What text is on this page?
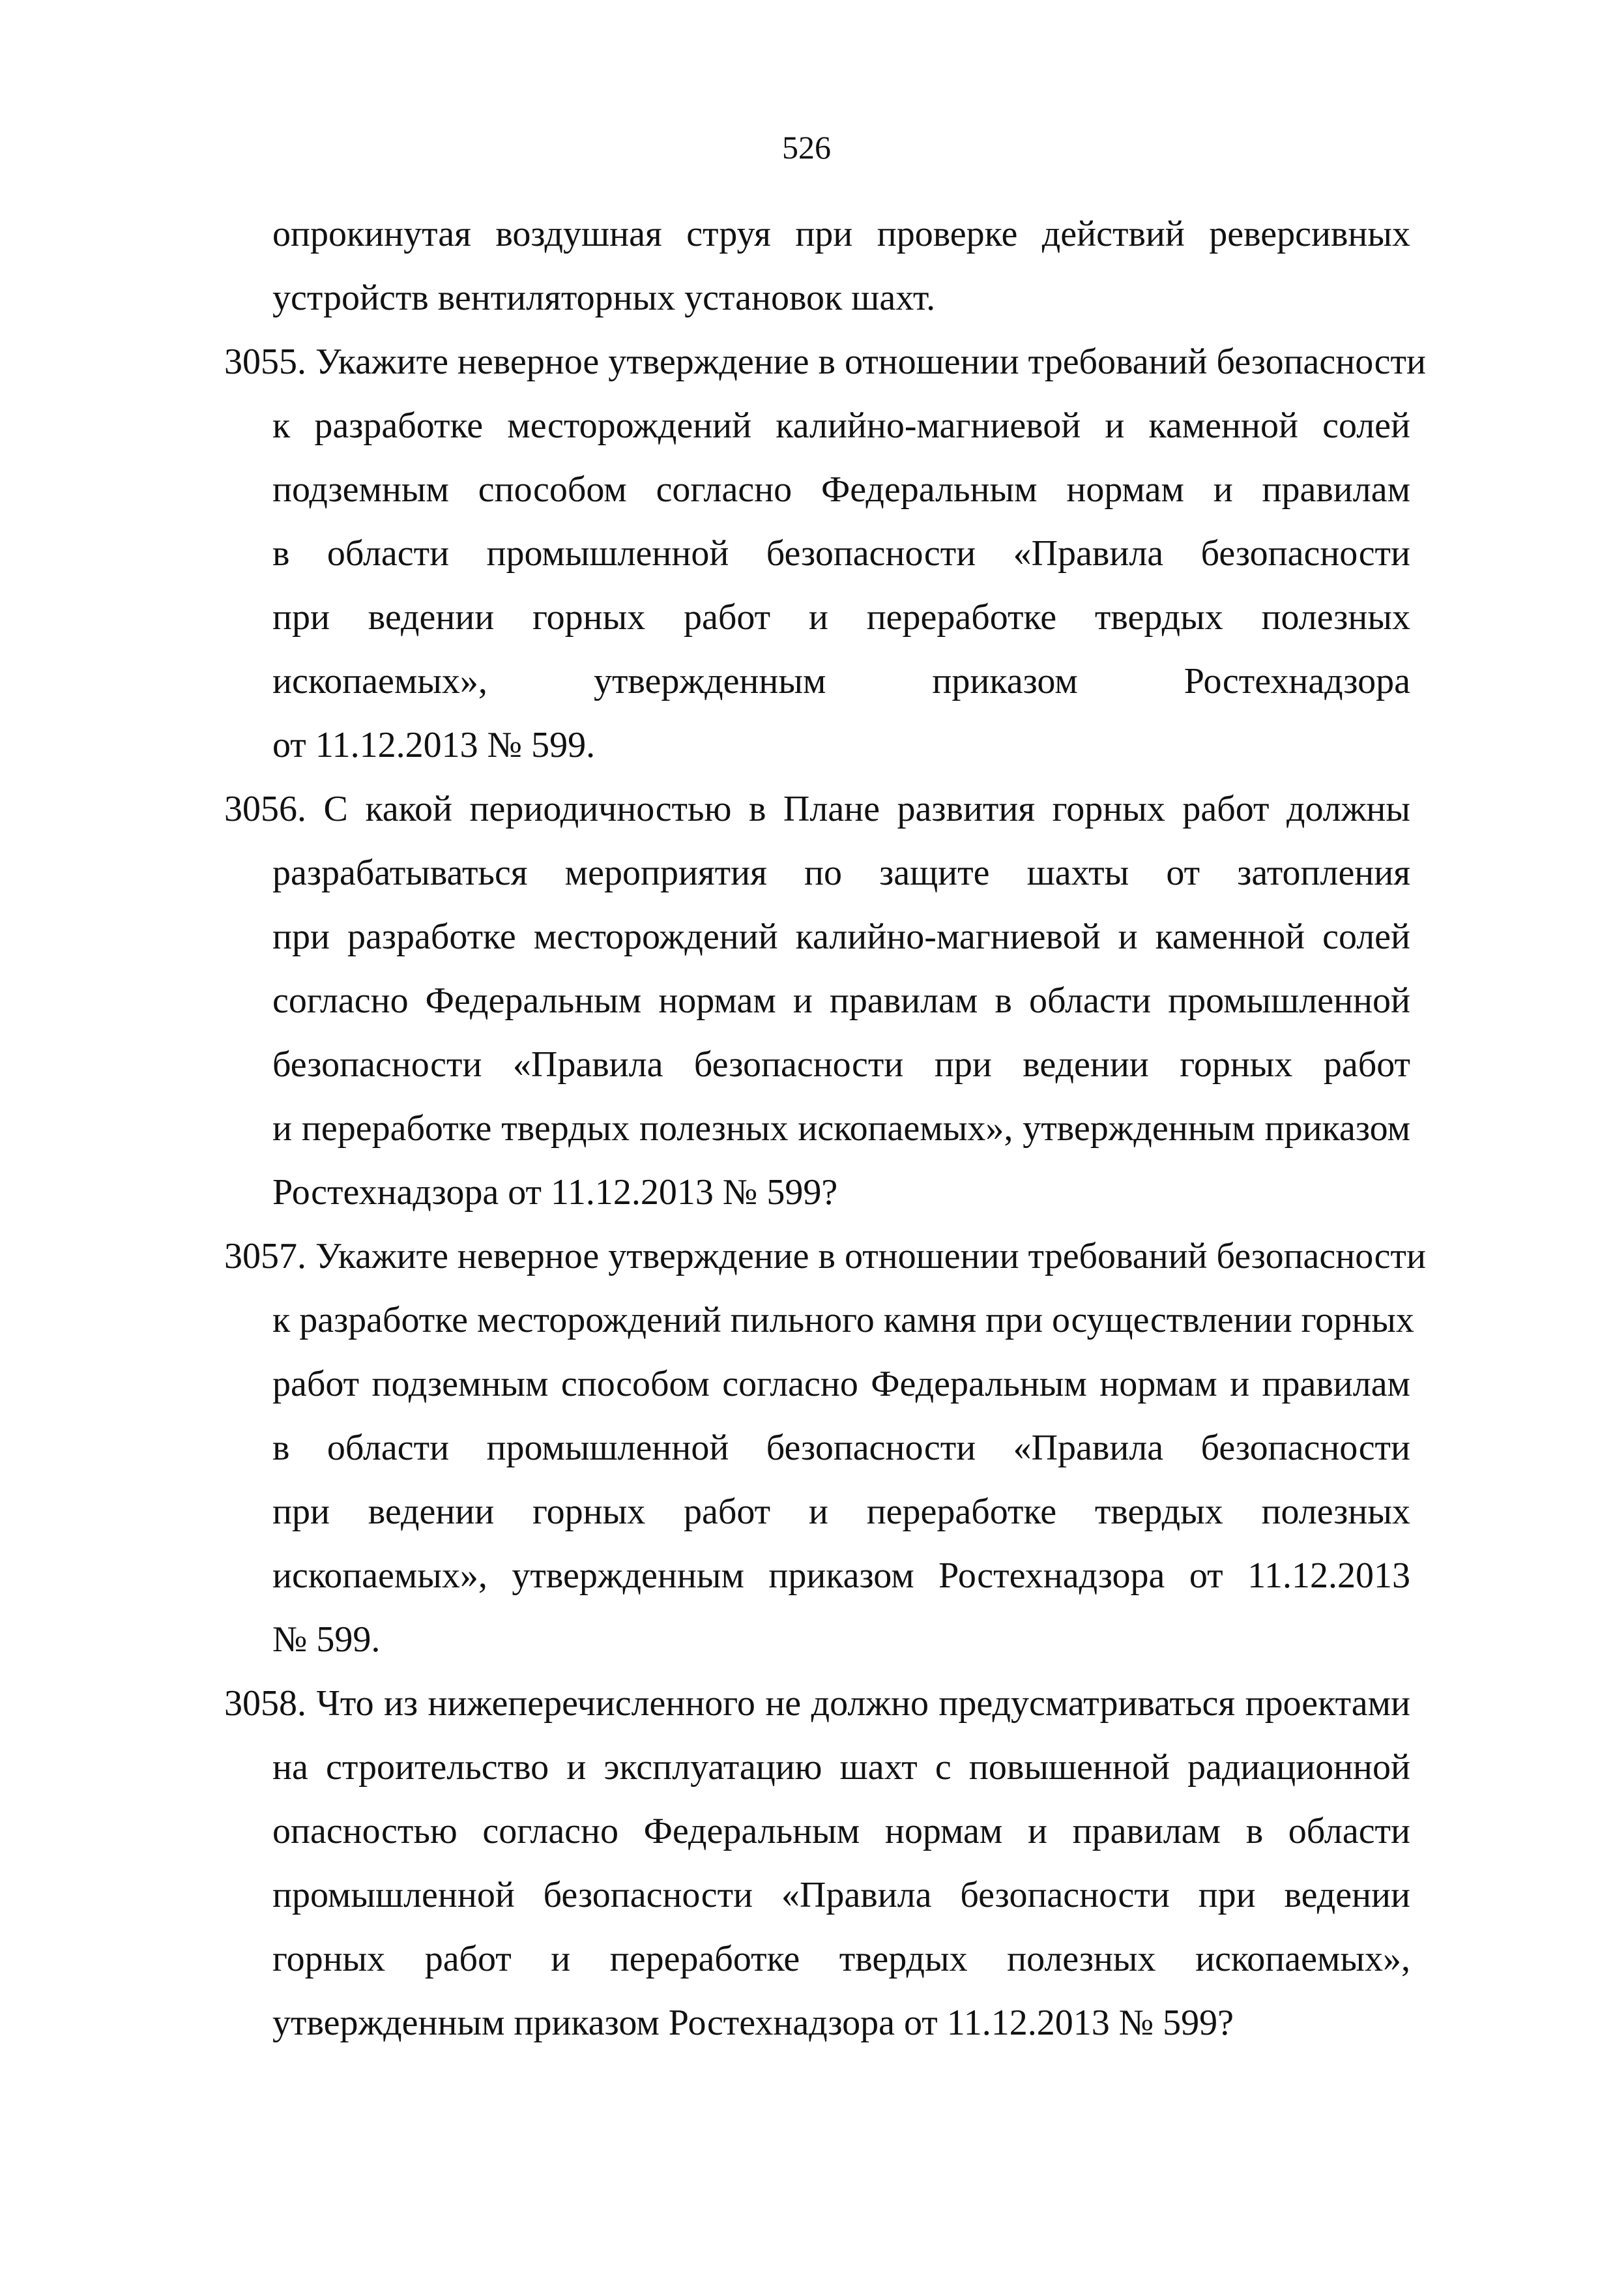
526
опрокинутая воздушная струя при проверке действий реверсивных
устройств вентиляторных установок шахт.
3055. Укажите неверное утверждение в отношении требований безопасности
к разработке месторождений калийно-магниевой и каменной солей
подземным способом согласно Федеральным нормам и правилам
в области промышленной безопасности «Правила безопасности
при ведении горных работ и переработке твердых полезных
ископаемых», утвержденным приказом Ростехнадзора
от 11.12.2013 № 599.
3056. С какой периодичностью в Плане развития горных работ должны
разрабатываться мероприятия по защите шахты от затопления
при разработке месторождений калийно-магниевой и каменной солей
согласно Федеральным нормам и правилам в области промышленной
безопасности «Правила безопасности при ведении горных работ
и переработке твердых полезных ископаемых», утвержденным приказом
Ростехнадзора от 11.12.2013 № 599?
3057. Укажите неверное утверждение в отношении требований безопасности
к разработке месторождений пильного камня при осуществлении горных
работ подземным способом согласно Федеральным нормам и правилам
в области промышленной безопасности «Правила безопасности
при ведении горных работ и переработке твердых полезных
ископаемых», утвержденным приказом Ростехнадзора от 11.12.2013
№ 599.
3058. Что из нижеперечисленного не должно предусматриваться проектами
на строительство и эксплуатацию шахт с повышенной радиационной
опасностью согласно Федеральным нормам и правилам в области
промышленной безопасности «Правила безопасности при ведении
горных работ и переработке твердых полезных ископаемых»,
утвержденным приказом Ростехнадзора от 11.12.2013 № 599?
